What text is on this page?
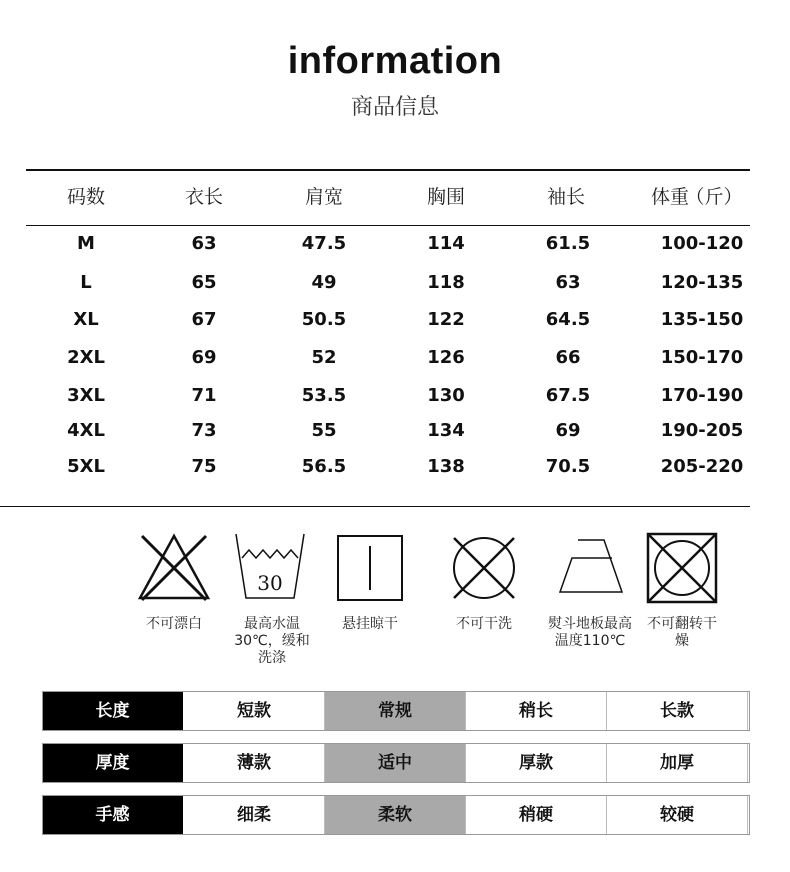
information
商品信息
码数	衣长	肩宽	胸围	袖长	体重
（斤）
M	63	47.5	114	61.5	100-120
L	65	49	118	63	120-135
XL	67	50.5	122	64.5	135-150
2XL	69	52	126	66	150-170
3XL	71	53.5	130	67.5	170-190
4XL	73	55	134	69	190-205
5XL	75	56.5	138	70.5	205-220
不可漂白
30
最高水温30℃，缓和洗涤
悬挂晾干	不可干洗	熨斗地板最高温度110℃
不可翻转干燥
长度	短款	常规	稍长	长款
厚度	薄款	适中	厚款	加厚
手感	细柔	柔软	稍硬	较硬
